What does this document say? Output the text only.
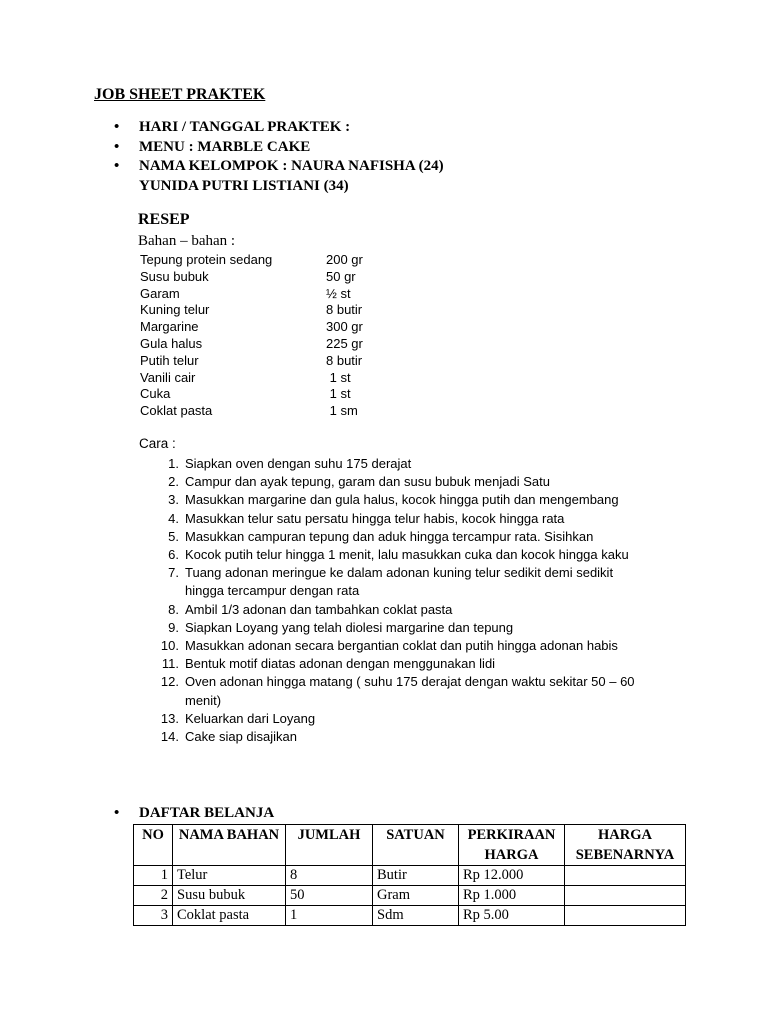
JOB SHEET PRAKTEK
•	HARI / TANGGAL PRAKTEK :
•	MENU : MARBLE CAKE
•	NAMA KELOMPOK : NAURA NAFISHA (24)
YUNIDA PUTRI LISTIANI (34)
RESEP
Bahan – bahan :
Tepung protein sedang	200 gr
Susu bubuk	50 gr
Garam	½ st
Kuning telur	8 butir
Margarine	300 gr
Gula halus	225 gr
Putih telur	8 butir
Vanili cair	1 st
Cuka	1 st
Coklat pasta	1 sm
Cara :
1. Siapkan oven dengan suhu 175 derajat
2. Campur dan ayak tepung, garam dan susu bubuk menjadi Satu
3. Masukkan margarine dan gula halus, kocok hingga putih dan mengembang
4. Masukkan telur satu persatu hingga telur habis, kocok hingga rata
5. Masukkan campuran tepung dan aduk hingga tercampur rata. Sisihkan
6. Kocok putih telur hingga 1 menit, lalu masukkan cuka dan kocok hingga kaku
7. Tuang adonan meringue ke dalam adonan kuning telur sedikit demi sedikit hingga tercampur dengan rata
8. Ambil 1/3 adonan dan tambahkan coklat pasta
9. Siapkan Loyang yang telah diolesi margarine dan tepung
10. Masukkan adonan secara bergantian coklat dan putih hingga adonan habis
11. Bentuk motif diatas adonan dengan menggunakan lidi
12. Oven adonan hingga matang ( suhu 175 derajat dengan waktu sekitar 50 – 60 menit)
13. Keluarkan dari Loyang
14. Cake siap disajikan
•	DAFTAR BELANJA
NO	NAMA BAHAN	JUMLAH	SATUAN	PERKIRAAN HARGA	HARGA SEBENARNYA
1	Telur	8	Butir	Rp 12.000	
2	Susu bubuk	50	Gram	Rp 1.000	
3	Coklat pasta	1	Sdm	Rp 5.00	
